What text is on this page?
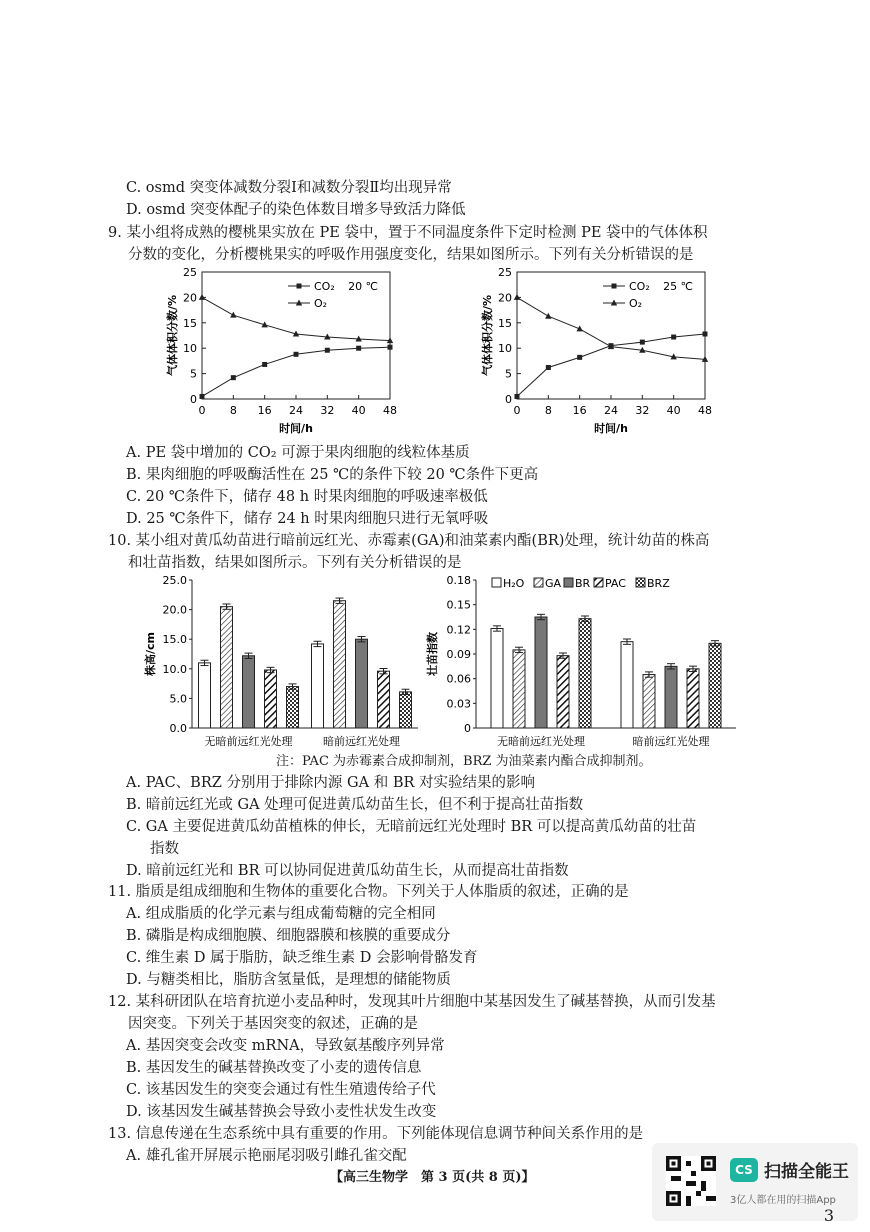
C. osmd 突变体减数分裂Ⅰ和减数分裂Ⅱ均出现异常
D. osmd 突变体配子的染色体数目增多导致活力降低
9. 某小组将成熟的樱桃果实放在 PE 袋中，置于不同温度条件下定时检测 PE 袋中的气体体积
分数的变化，分析樱桃果实的呼吸作用强度变化，结果如图所示。下列有关分析错误的是
0
5
10
15
20
25
0 8 16 24 32 40 48
时间/h
气体体积分数/%
CO₂
O₂
20 ℃
0
5
10
15
20
25
0 8 16 24 32 40 48
时间/h
气体体积分数/%
CO₂
O₂
25 ℃
A. PE 袋中增加的 CO₂ 可源于果肉细胞的线粒体基质
B. 果肉细胞的呼吸酶活性在 25 ℃的条件下较 20 ℃条件下更高
C. 20 ℃条件下，储存 48 h 时果肉细胞的呼吸速率极低
D. 25 ℃条件下，储存 24 h 时果肉细胞只进行无氧呼吸
10. 某小组对黄瓜幼苗进行暗前远红光、赤霉素(GA)和油菜素内酯(BR)处理，统计幼苗的株高
和壮苗指数，结果如图所示。下列有关分析错误的是
0.0
5.0
10.0
15.0
20.0
25.0
株高/cm
无暗前远红光处理	暗前远红光处理
0
0.03
0.06
0.09
0.12
0.15
0.18
壮苗指数
无暗前远红光处理	暗前远红光处理
H₂O GA BR PAC BRZ
注：PAC 为赤霉素合成抑制剂，BRZ 为油菜素内酯合成抑制剂。
A. PAC、BRZ 分别用于排除内源 GA 和 BR 对实验结果的影响
B. 暗前远红光或 GA 处理可促进黄瓜幼苗生长，但不利于提高壮苗指数
C. GA 主要促进黄瓜幼苗植株的伸长，无暗前远红光处理时 BR 可以提高黄瓜幼苗的壮苗
指数
D. 暗前远红光和 BR 可以协同促进黄瓜幼苗生长，从而提高壮苗指数
11. 脂质是组成细胞和生物体的重要化合物。下列关于人体脂质的叙述，正确的是
A. 组成脂质的化学元素与组成葡萄糖的完全相同
B. 磷脂是构成细胞膜、细胞器膜和核膜的重要成分
C. 维生素 D 属于脂肪，缺乏维生素 D 会影响骨骼发育
D. 与糖类相比，脂肪含氢量低，是理想的储能物质
12. 某科研团队在培育抗逆小麦品种时，发现其叶片细胞中某基因发生了碱基替换，从而引发基
因突变。下列关于基因突变的叙述，正确的是
A. 基因突变会改变 mRNA，导致氨基酸序列异常
B. 基因发生的碱基替换改变了小麦的遗传信息
C. 该基因发生的突变会通过有性生殖遗传给子代
D. 该基因发生碱基替换会导致小麦性状发生改变
13. 信息传递在生态系统中具有重要的作用。下列能体现信息调节种间关系作用的是
A. 雄孔雀开屏展示艳丽尾羽吸引雌孔雀交配
【高三生物学　第 3 页(共 8 页)】	CS 扫描全能王
3亿人都在用的扫描App
3
